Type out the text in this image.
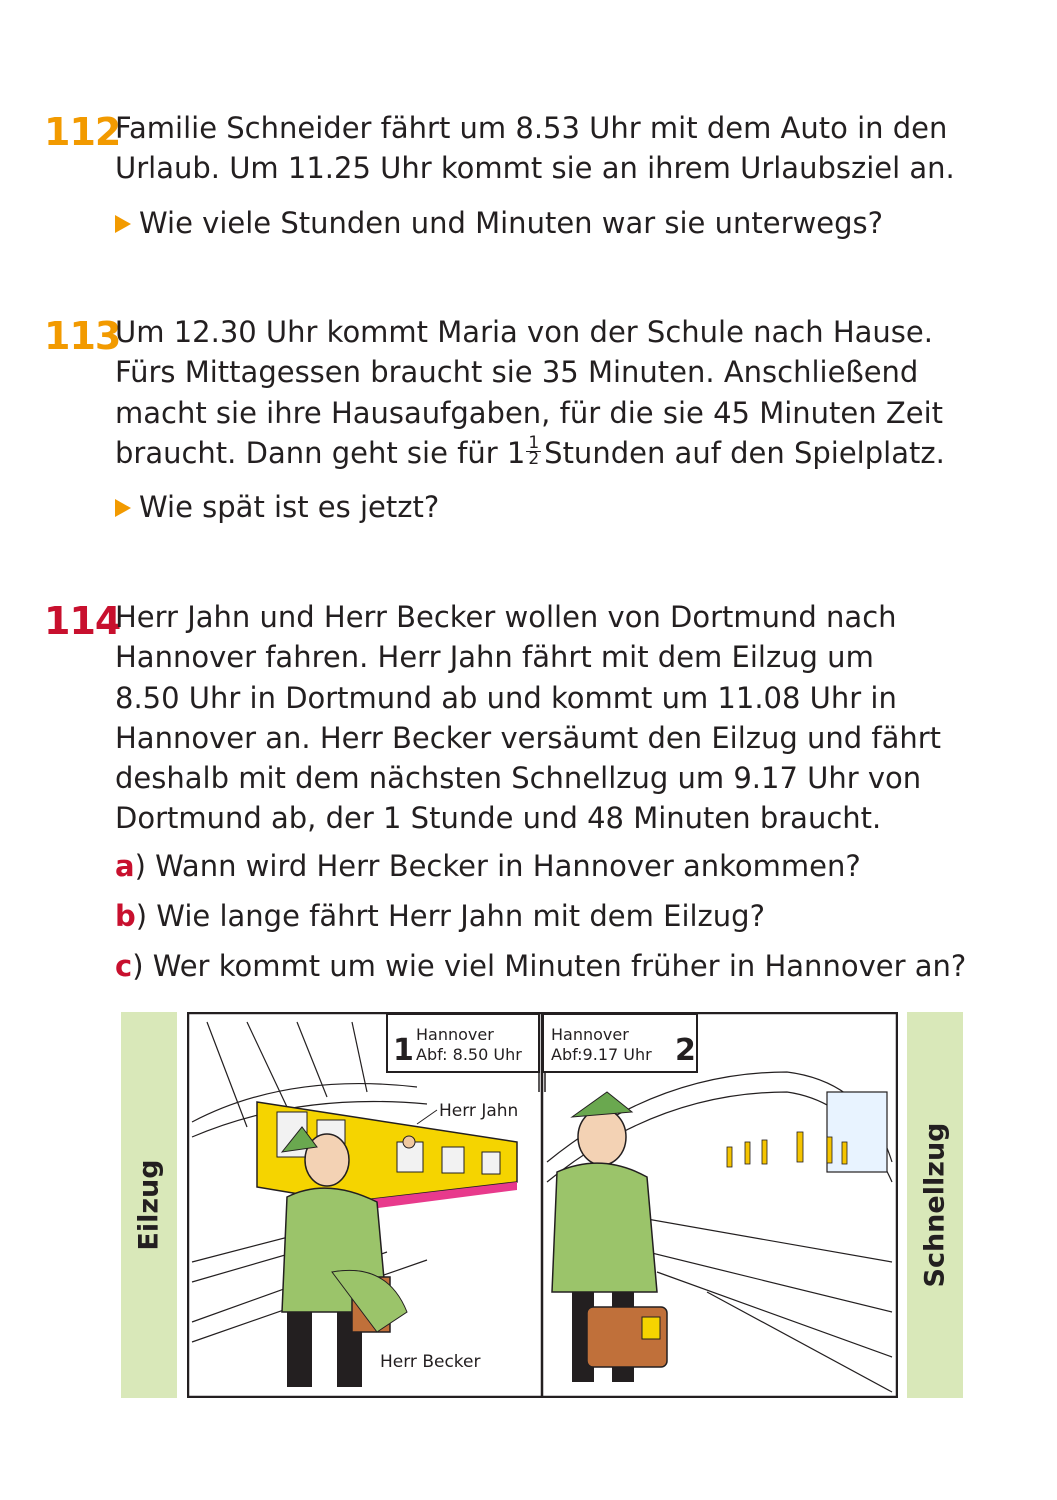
112
Familie Schneider fährt um 8.53 Uhr mit dem Auto in den
Urlaub. Um 11.25 Uhr kommt sie an ihrem Urlaubsziel an.
Wie viele Stunden und Minuten war sie unterwegs?
113
Um 12.30 Uhr kommt Maria von der Schule nach Hause.
Fürs Mittagessen braucht sie 35 Minuten. Anschließend
macht sie ihre Hausaufgaben, für die sie 45 Minuten Zeit
braucht. Dann geht sie für $1 \frac{1}{2}$ Stunden auf den Spielplatz.
Wie spät ist es jetzt?
114
Herr Jahn und Herr Becker wollen von Dortmund nach
Hannover fahren. Herr Jahn fährt mit dem Eilzug um
8.50 Uhr in Dortmund ab und kommt um 11.08 Uhr in
Hannover an. Herr Becker versäumt den Eilzug und fährt
deshalb mit dem nächsten Schnellzug um 9.17 Uhr von
Dortmund ab, der 1 Stunde und 48 Minuten braucht.
a) Wann wird Herr Becker in Hannover ankommen?
b) Wie lange fährt Herr Jahn mit dem Eilzug?
c) Wer kommt um wie viel Minuten früher in Hannover an?
Eilzug	Schnellzug
1 Hannover
Abf: 8.50 Uhr
Hannover
Abf:9.17 Uhr 2
Herr Jahn
Herr Becker
